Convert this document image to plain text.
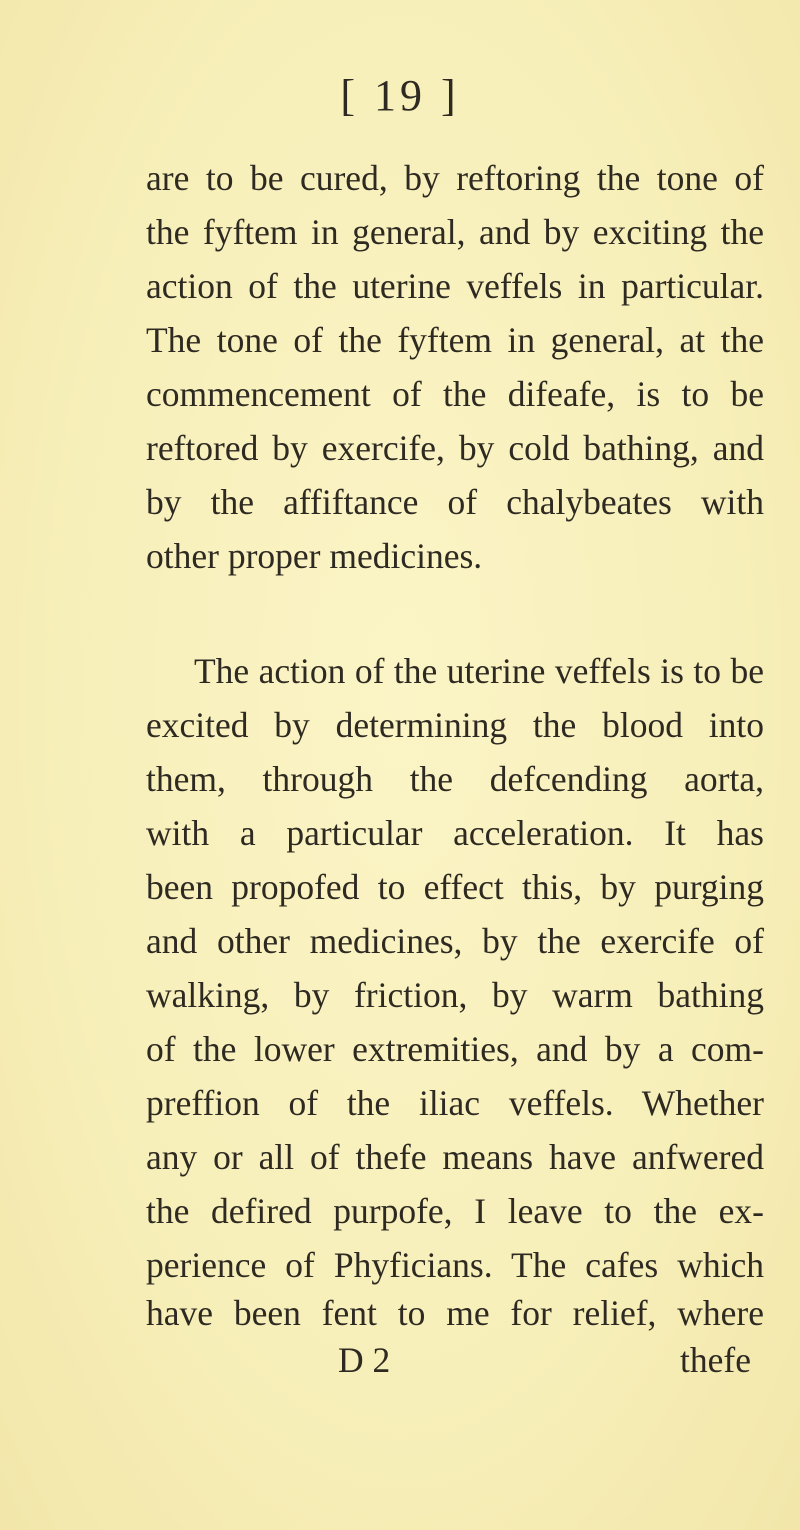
[ 19 ]
are to be cured, by reftoring the tone of
the fyftem in general, and by exciting the
action of the uterine veffels in particular.
The tone of the fyftem in general, at the
commencement of the difeafe, is to be
reftored by exercife, by cold bathing, and
by the affiftance of chalybeates with
other proper medicines.
The action of the uterine veffels is to be
excited by determining the blood into
them, through the defcending aorta,
with a particular acceleration. It has
been propofed to effect this, by purging
and other medicines, by the exercife of
walking, by friction, by warm bathing
of the lower extremities, and by a com-
preffion of the iliac veffels. Whether
any or all of thefe means have anfwered
the defired purpofe, I leave to the ex-
perience of Phyficians. The cafes which
have been fent to me for relief, where
D 2	thefe
